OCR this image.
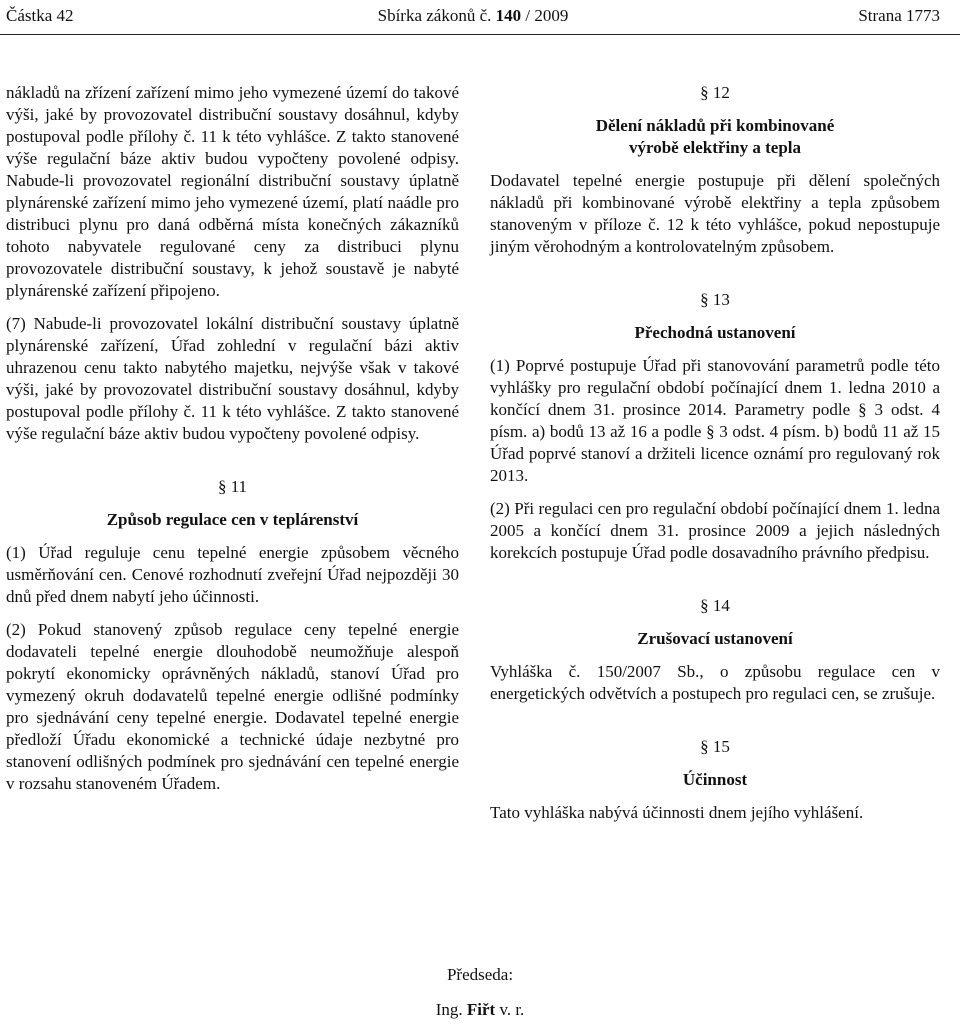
Částka 42	Sbírka zákonů č. 140 / 2009	Strana 1773

nákladů na zřízení zařízení mimo jeho vymezené území do takové výši, jaké by provozovatel distribuční soustavy dosáhnul, kdyby postupoval podle přílohy č. 11 k této vyhlášce. Z takto stanovené výše regulační báze aktiv budou vypočteny povolené odpisy. Nabude-li provozovatel regionální distribuční soustavy úplatně plynárenské zařízení mimo jeho vymezené území, platí naádle pro distribuci plynu pro daná odběrná místa konečných zákazníků tohoto nabyvatele regulované ceny za distribuci plynu provozovatele distribuční soustavy, k jehož soustavě je nabyté plynárenské zařízení připojeno.

(7) Nabude-li provozovatel lokální distribuční soustavy úplatně plynárenské zařízení, Úřad zohlední v regulační bázi aktiv uhrazenou cenu takto nabytého majetku, nejvýše však v takové výši, jaké by provozovatel distribuční soustavy dosáhnul, kdyby postupoval podle přílohy č. 11 k této vyhlášce. Z takto stanovené výše regulační báze aktiv budou vypočteny povolené odpisy.

§ 11

Způsob regulace cen v teplárenství

(1) Úřad reguluje cenu tepelné energie způsobem věcného usměrňování cen. Cenové rozhodnutí zveřejní Úřad nejpozději 30 dnů před dnem nabytí jeho účinnosti.

(2) Pokud stanovený způsob regulace ceny tepelné energie dodavateli tepelné energie dlouhodobě neumožňuje alespoň pokrytí ekonomicky oprávněných nákladů, stanoví Úřad pro vymezený okruh dodavatelů tepelné energie odlišné podmínky pro sjednávání ceny tepelné energie. Dodavatel tepelné energie předloží Úřadu ekonomické a technické údaje nezbytné pro stanovení odlišných podmínek pro sjednávání cen tepelné energie v rozsahu stanoveném Úřadem.

§ 12

Dělení nákladů při kombinované
výrobě elektřiny a tepla

Dodavatel tepelné energie postupuje při dělení společných nákladů při kombinované výrobě elektřiny a tepla způsobem stanoveným v příloze č. 12 k této vyhlášce, pokud nepostupuje jiným věrohodným a kontrolovatelným způsobem.

§ 13

Přechodná ustanovení

(1) Poprvé postupuje Úřad při stanovování parametrů podle této vyhlášky pro regulační období počínající dnem 1. ledna 2010 a končící dnem 31. prosince 2014. Parametry podle § 3 odst. 4 písm. a) bodů 13 až 16 a podle § 3 odst. 4 písm. b) bodů 11 až 15 Úřad poprvé stanoví a držiteli licence oznámí pro regulovaný rok 2013.

(2) Při regulaci cen pro regulační období počínající dnem 1. ledna 2005 a končící dnem 31. prosince 2009 a jejich následných korekcích postupuje Úřad podle dosavadního právního předpisu.

§ 14

Zrušovací ustanovení

Vyhláška č. 150/2007 Sb., o způsobu regulace cen v energetických odvětvích a postupech pro regulaci cen, se zrušuje.

§ 15

Účinnost

Tato vyhláška nabývá účinnosti dnem jejího vyhlášení.

Předseda:
Ing. Fiřt v. r.
